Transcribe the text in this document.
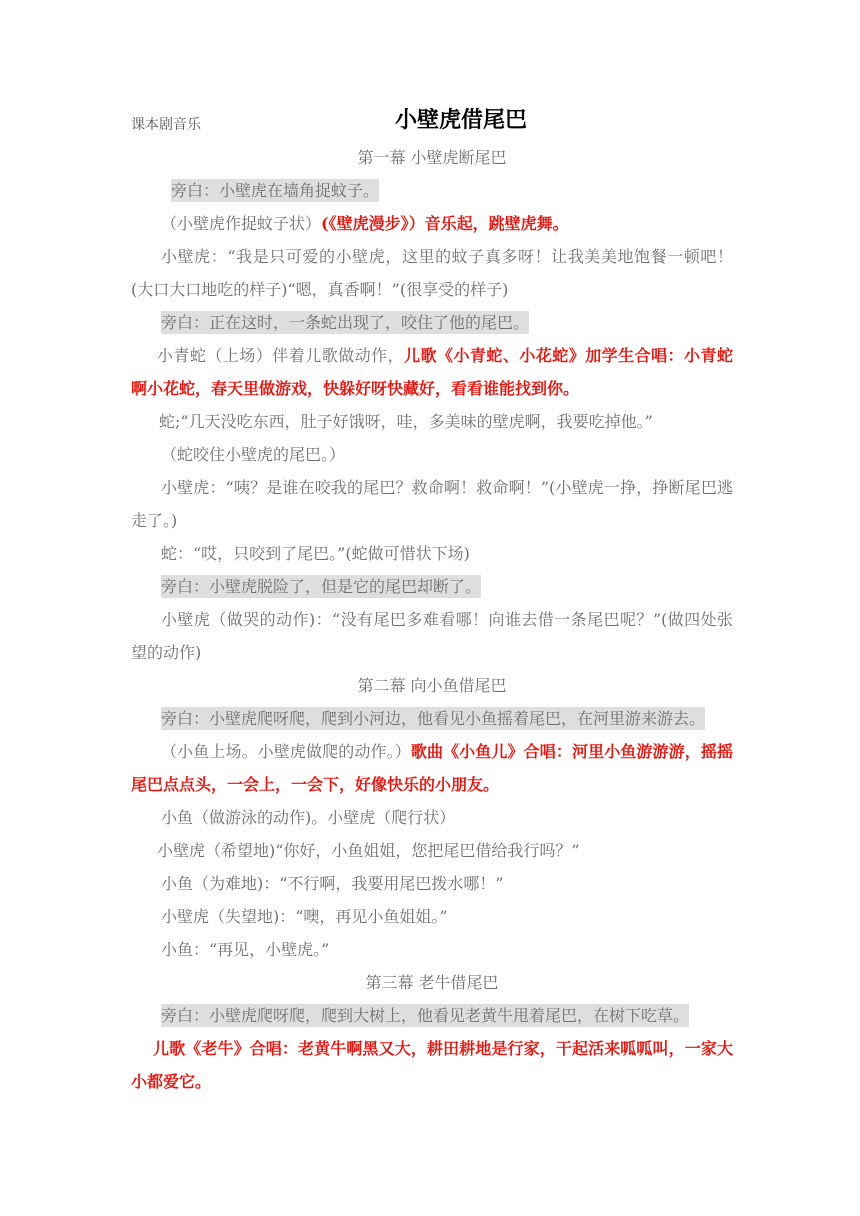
课本剧音乐	小壁虎借尾巴

第一幕 小壁虎断尾巴

旁白：小壁虎在墙角捉蚊子。

（小壁虎作捉蚊子状）(《壁虎漫步》）音乐起，跳壁虎舞。

小壁虎：“我是只可爱的小壁虎，这里的蚊子真多呀！让我美美地饱餐一顿吧！(大口大口地吃的样子)“嗯，真香啊！”(很享受的样子)

旁白：正在这时，一条蛇出现了，咬住了他的尾巴。

小青蛇（上场）伴着儿歌做动作，儿歌《小青蛇、小花蛇》加学生合唱：小青蛇啊小花蛇，春天里做游戏，快躲好呀快藏好，看看谁能找到你。

蛇;“几天没吃东西，肚子好饿呀，哇，多美味的壁虎啊，我要吃掉他。”

（蛇咬住小壁虎的尾巴。）

小壁虎：“咦？是谁在咬我的尾巴？救命啊！救命啊！”(小壁虎一挣，挣断尾巴逃走了。)

蛇：“哎，只咬到了尾巴。”(蛇做可惜状下场)

旁白：小壁虎脱险了，但是它的尾巴却断了。

小壁虎（做哭的动作)：“没有尾巴多难看哪！向谁去借一条尾巴呢？”(做四处张望的动作)

第二幕 向小鱼借尾巴

旁白：小壁虎爬呀爬，爬到小河边，他看见小鱼摇着尾巴，在河里游来游去。

（小鱼上场。小壁虎做爬的动作。）歌曲《小鱼儿》合唱：河里小鱼游游游，摇摇尾巴点点头，一会上，一会下，好像快乐的小朋友。

小鱼（做游泳的动作)。小壁虎（爬行状）

小壁虎（希望地)“你好，小鱼姐姐，您把尾巴借给我行吗？”

小鱼（为难地)：“不行啊，我要用尾巴拨水哪！”

小壁虎（失望地)：“噢，再见小鱼姐姐。”

小鱼：“再见，小壁虎。”

第三幕 老牛借尾巴

旁白：小壁虎爬呀爬，爬到大树上，他看见老黄牛甩着尾巴，在树下吃草。

儿歌《老牛》合唱：老黄牛啊黑又大，耕田耕地是行家，干起活来呱呱叫，一家大小都爱它。
